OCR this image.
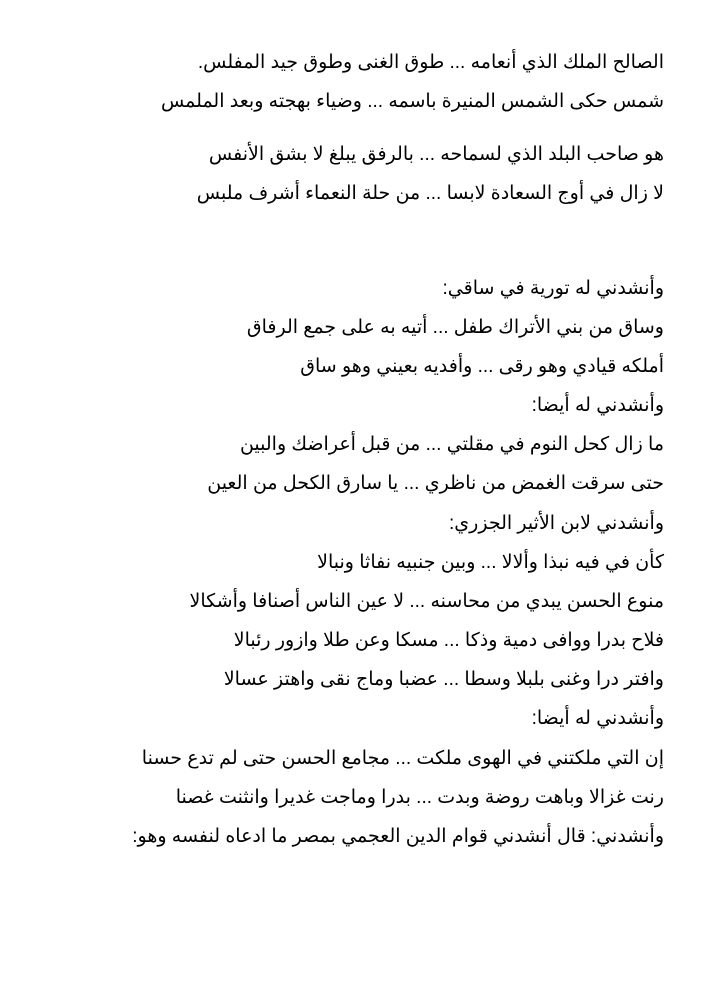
الصالح الملك الذي أنعامه ... طوق الغنى وطوق جيد المفلس.
شمس حكى الشمس المنيرة باسمه ... وضياء بهجته وبعد الملمس
هو صاحب البلد الذي لسماحه ... بالرفق يبلغ لا بشق الأنفس
لا زال في أوج السعادة لابسا ... من حلة النعماء أشرف ملبس
وأنشدني له تورية في ساقي:
وساق من بني الأتراك طفل ... أتيه به على جمع الرفاق
أملكه قيادي وهو رقى ... وأفديه بعيني وهو ساق
وأنشدني له أيضا:
ما زال كحل النوم في مقلتي ... من قبل أعراضك والبين
حتى سرقت الغمض من ناظري ... يا سارق الكحل من العين
وأنشدني لابن الأثير الجزري:
كأن في فيه نبذا وألالا ... وبين جنبيه نفاثا ونبالا
منوع الحسن يبدي من محاسنه ... لا عين الناس أصنافا وأشكالا
فلاح بدرا ووافى دمية وذكا ... مسكا وعن طلا وازور رئبالا
وافتر درا وغنى بلبلا وسطا ... عضبا وماج نقى واهتز عسالا
وأنشدني له أيضا:
إن التي ملكتني في الهوى ملكت ... مجامع الحسن حتى لم تدع حسنا
رنت غزالا وباهت روضة وبدت ... بدرا وماجت غديرا وانثنت غصنا
وأنشدني: قال أنشدني قوام الدين العجمي بمصر ما ادعاه لنفسه وهو:
